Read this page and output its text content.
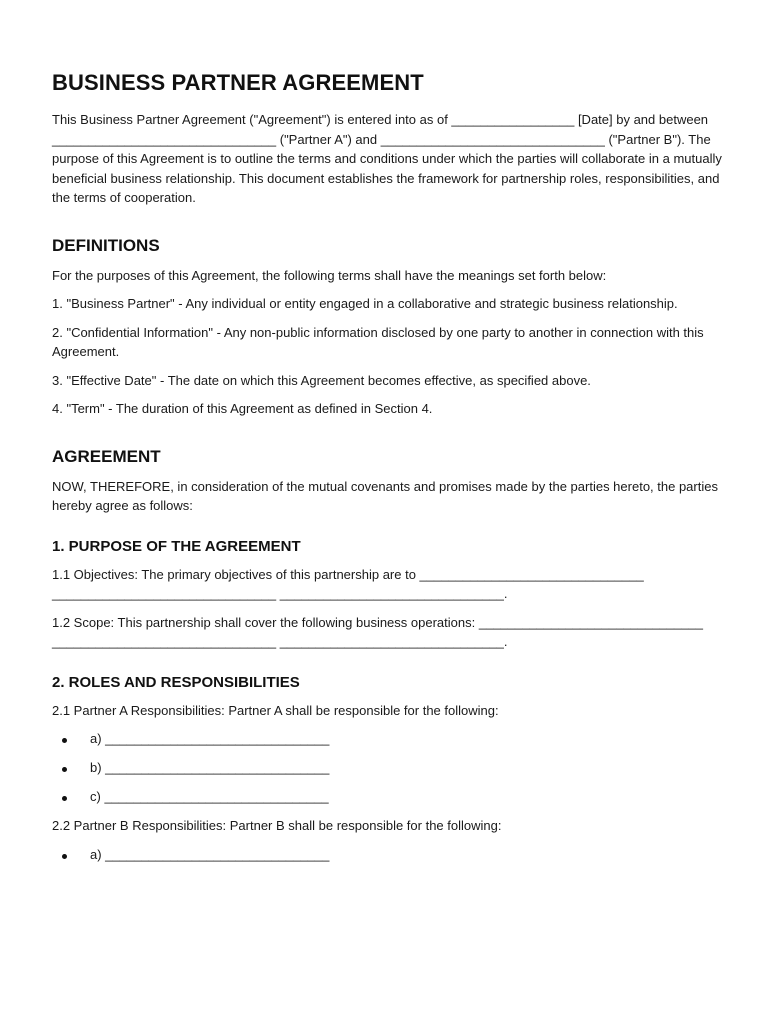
BUSINESS PARTNER AGREEMENT

This Business Partner Agreement ("Agreement") is entered into as of _________________ [Date] by and between _______________________________ ("Partner A") and _______________________________ ("Partner B"). The purpose of this Agreement is to outline the terms and conditions under which the parties will collaborate in a mutually beneficial business relationship. This document establishes the framework for partnership roles, responsibilities, and the terms of cooperation.

DEFINITIONS

For the purposes of this Agreement, the following terms shall have the meanings set forth below:

1. "Business Partner" - Any individual or entity engaged in a collaborative and strategic business relationship.

2. "Confidential Information" - Any non-public information disclosed by one party to another in connection with this Agreement.

3. "Effective Date" - The date on which this Agreement becomes effective, as specified above.

4. "Term" - The duration of this Agreement as defined in Section 4.

AGREEMENT

NOW, THEREFORE, in consideration of the mutual covenants and promises made by the parties hereto, the parties hereby agree as follows:

1. PURPOSE OF THE AGREEMENT

1.1 Objectives: The primary objectives of this partnership are to _______________________________ _______________________________ _______________________________.

1.2 Scope: This partnership shall cover the following business operations: _______________________________ _______________________________ _______________________________.

2. ROLES AND RESPONSIBILITIES

2.1 Partner A Responsibilities: Partner A shall be responsible for the following:

a) _______________________________
b) _______________________________
c) _______________________________

2.2 Partner B Responsibilities: Partner B shall be responsible for the following:

a) _______________________________
